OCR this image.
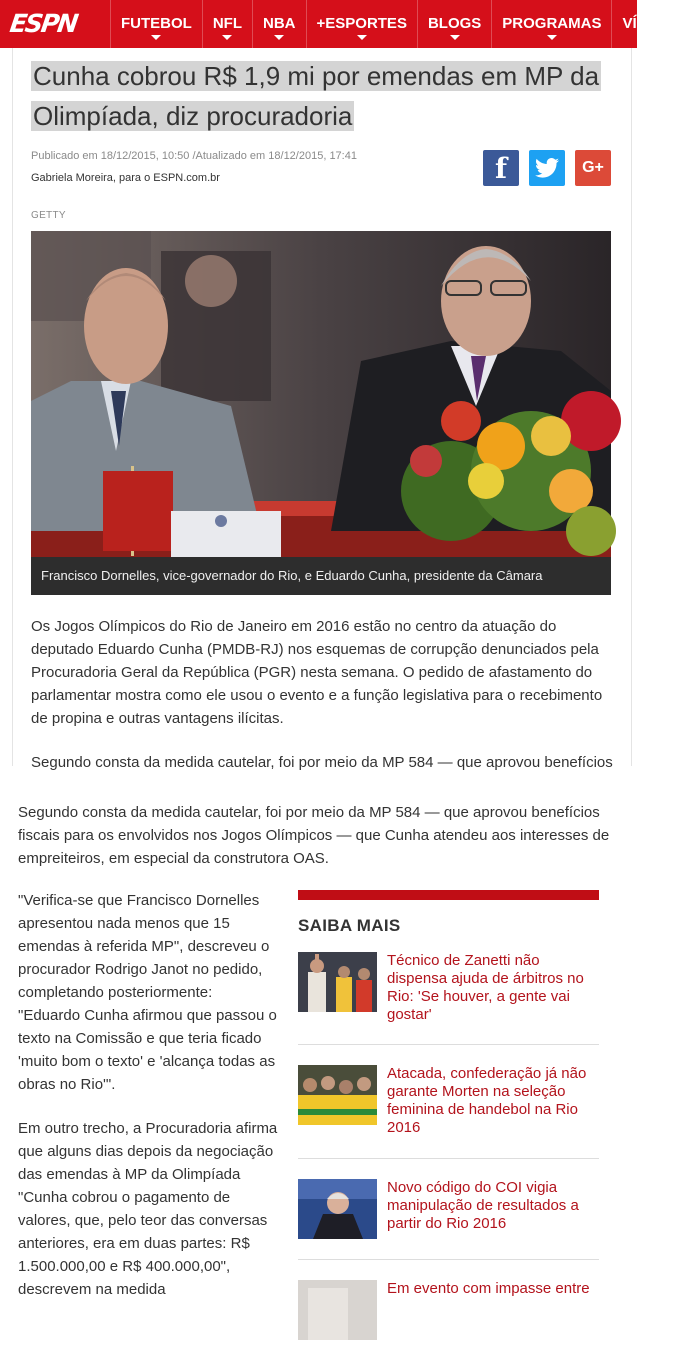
ESPN	FUTEBOL	NFL	NBA	+ESPORTES	BLOGS	PROGRAMAS	VÍDEOS
Cunha cobrou R$ 1,9 mi por emendas em MP da Olimpíada, diz procuradoria
Publicado em 18/12/2015, 10:50 /Atualizado em 18/12/2015, 17:41
Gabriela Moreira, para o ESPN.com.br	f	G+
GETTY
Francisco Dornelles, vice-governador do Rio, e Eduardo Cunha, presidente da Câmara

Os Jogos Olímpicos do Rio de Janeiro em 2016 estão no centro da atuação do deputado Eduardo Cunha (PMDB-RJ) nos esquemas de corrupção denunciados pela Procuradoria Geral da República (PGR) nesta semana. O pedido de afastamento do parlamentar mostra como ele usou o evento e a função legislativa para o recebimento de propina e outras vantagens ilícitas.

Segundo consta da medida cautelar, foi por meio da MP 584 — que aprovou benefícios

Segundo consta da medida cautelar, foi por meio da MP 584 — que aprovou benefícios fiscais para os envolvidos nos Jogos Olímpicos — que Cunha atendeu aos interesses de empreiteiros, em especial da construtora OAS.

"Verifica-se que Francisco Dornelles apresentou nada menos que 15 emendas à referida MP", descreveu o procurador Rodrigo Janot no pedido, completando posteriormente: "Eduardo Cunha afirmou que passou o texto na Comissão e que teria ficado 'muito bom o texto' e 'alcança todas as obras no Rio'".

Em outro trecho, a Procuradoria afirma que alguns dias depois da negociação das emendas à MP da Olimpíada "Cunha cobrou o pagamento de valores, que, pelo teor das conversas anteriores, era em duas partes: R$ 1.500.000,00 e R$ 400.000,00", descrevem na medida

SAIBA MAIS
Técnico de Zanetti não dispensa ajuda de árbitros no Rio: 'Se houver, a gente vai gostar'
Atacada, confederação já não garante Morten na seleção feminina de handebol na Rio 2016
Novo código do COI vigia manipulação de resultados a partir do Rio 2016
Em evento com impasse entre
